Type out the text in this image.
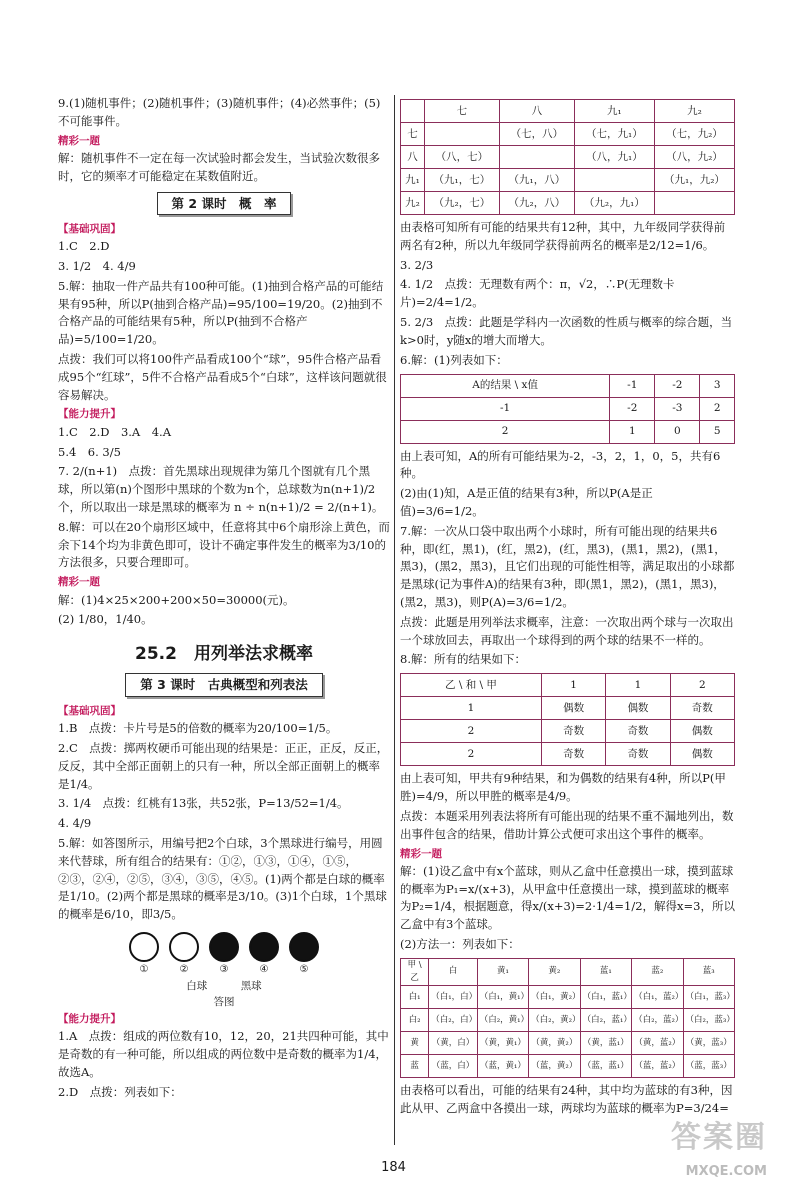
9.(1)随机事件；(2)随机事件；(3)随机事件；(4)必然事件；(5)不可能事件。

精彩一题

解：随机事件不一定在每一次试验时都会发生，当试验次数很多时，它的频率才可能稳定在某数值附近。

第 2 课时　概　率
【基础巩固】

1.C　2.D

3. 1/2　4. 4/9

5.解：抽取一件产品共有100种可能。(1)抽到合格产品的可能结果有95种，所以P(抽到合格产品)=95/100=19/20。(2)抽到不合格产品的可能结果有5种，所以P(抽到不合格产品)=5/100=1/20。

点拨：我们可以将100件产品看成100个“球”，95件合格产品看成95个“红球”，5件不合格产品看成5个“白球”，这样该问题就很容易解决。

【能力提升】

1.C　2.D　3.A　4.A

5.4　6. 3/5

7. 2/(n+1)　点拨：首先黑球出现规律为第几个图就有几个黑球，所以第(n)个图形中黑球的个数为n个，总球数为n(n+1)/2个，所以取出一球是黑球的概率为 n ÷ n(n+1)/2 = 2/(n+1)。

8.解：可以在20个扇形区域中，任意将其中6个扇形涂上黄色，而余下14个均为非黄色即可，设计不确定事件发生的概率为3/10的方法很多，只要合理即可。

精彩一题

解：(1)4×25×200+200×50=30000(元)。

(2) 1/80，1/40。

25.2　用列举法求概率
第 3 课时　古典概型和列表法
【基础巩固】

1.B　点拨：卡片号是5的倍数的概率为20/100=1/5。

2.C　点拨：掷两枚硬币可能出现的结果是：正正，正反，反正，反反，其中全部正面朝上的只有一种，所以全部正面朝上的概率是1/4。

3. 1/4　点拨：红桃有13张，共52张，P=13/52=1/4。

4. 4/9

5.解：如答图所示，用编号把2个白球，3个黑球进行编号，用圆来代替球，所有组合的结果有：①②，①③，①④，①⑤，②③，②④，②⑤，③④，③⑤，④⑤。(1)两个都是白球的概率是1/10。(2)两个都是黑球的概率是3/10。(3)1个白球，1个黑球的概率是6/10，即3/5。

①	②	③	④	⑤
白球	黑球
答图
【能力提升】

1.A　点拨：组成的两位数有10，12，20，21共四种可能，其中是奇数的有一种可能，所以组成的两位数中是奇数的概率为1/4，故选A。

2.D　点拨：列表如下：

	七	八	九₁	九₂
七		（七，八）	（七，九₁）	（七，九₂）
八	（八，七）		（八，九₁）	（八，九₂）
九₁	（九₁，七）	（九₁，八）		（九₁，九₂）
九₂	（九₂，七）	（九₂，八）	（九₂，九₁）	

由表格可知所有可能的结果共有12种，其中，九年级同学获得前两名有2种，所以九年级同学获得前两名的概率是2/12=1/6。

3. 2/3

4. 1/2　点拨：无理数有两个：π，√2，∴P(无理数卡片)=2/4=1/2。

5. 2/3　点拨：此题是学科内一次函数的性质与概率的综合题，当k>0时，y随x的增大而增大。

6.解：(1)列表如下：

A的结果 \ x值	-1	-2	3
-1	-2	-3	2
2	1	0	5

由上表可知，A的所有可能结果为-2，-3，2，1，0，5，共有6种。

(2)由(1)知，A是正值的结果有3种，所以P(A是正值)=3/6=1/2。

7.解：一次从口袋中取出两个小球时，所有可能出现的结果共6种，即(红，黑1)，(红，黑2)，(红，黑3)，(黑1，黑2)，(黑1，黑3)，(黑2，黑3)，且它们出现的可能性相等，满足取出的小球都是黑球(记为事件A)的结果有3种，即(黑1，黑2)，(黑1，黑3)，(黑2，黑3)，则P(A)=3/6=1/2。

点拨：此题是用列举法求概率，注意：一次取出两个球与一次取出一个球放回去，再取出一个球得到的两个球的结果不一样的。

8.解：所有的结果如下：

乙 \ 和 \ 甲	1	1	2
1	偶数	偶数	奇数
2	奇数	奇数	偶数
2	奇数	奇数	偶数

由上表可知，甲共有9种结果，和为偶数的结果有4种，所以P(甲胜)=4/9，所以甲胜的概率是4/9。

点拨：本题采用列表法将所有可能出现的结果不重不漏地列出，数出事件包含的结果，借助计算公式便可求出这个事件的概率。

精彩一题

解：(1)设乙盒中有x个蓝球，则从乙盒中任意摸出一球，摸到蓝球的概率为P₁=x/(x+3)，从甲盒中任意摸出一球，摸到蓝球的概率为P₂=1/4，根据题意，得x/(x+3)=2·1/4=1/2，解得x=3，所以乙盒中有3个蓝球。

(2)方法一：列表如下：

甲 \ 乙	白	黄₁	黄₂	蓝₁	蓝₂	蓝₃
白₁	（白₁，白）	（白₁，黄₁）	（白₁，黄₂）	（白₁，蓝₁）	（白₁，蓝₂）	（白₁，蓝₃）
白₂	（白₂，白）	（白₂，黄₁）	（白₂，黄₂）	（白₂，蓝₁）	（白₂，蓝₂）	（白₂，蓝₃）
黄	（黄，白）	（黄，黄₁）	（黄，黄₂）	（黄，蓝₁）	（黄，蓝₂）	（黄，蓝₃）
蓝	（蓝，白）	（蓝，黄₁）	（蓝，黄₂）	（蓝，蓝₁）	（蓝，蓝₂）	（蓝，蓝₃）

由表格可以看出，可能的结果有24种，其中均为蓝球的有3种，因此从甲、乙两盒中各摸出一球，两球均为蓝球的概率为P=3/24=

184
答案圈
MXQE.COM
